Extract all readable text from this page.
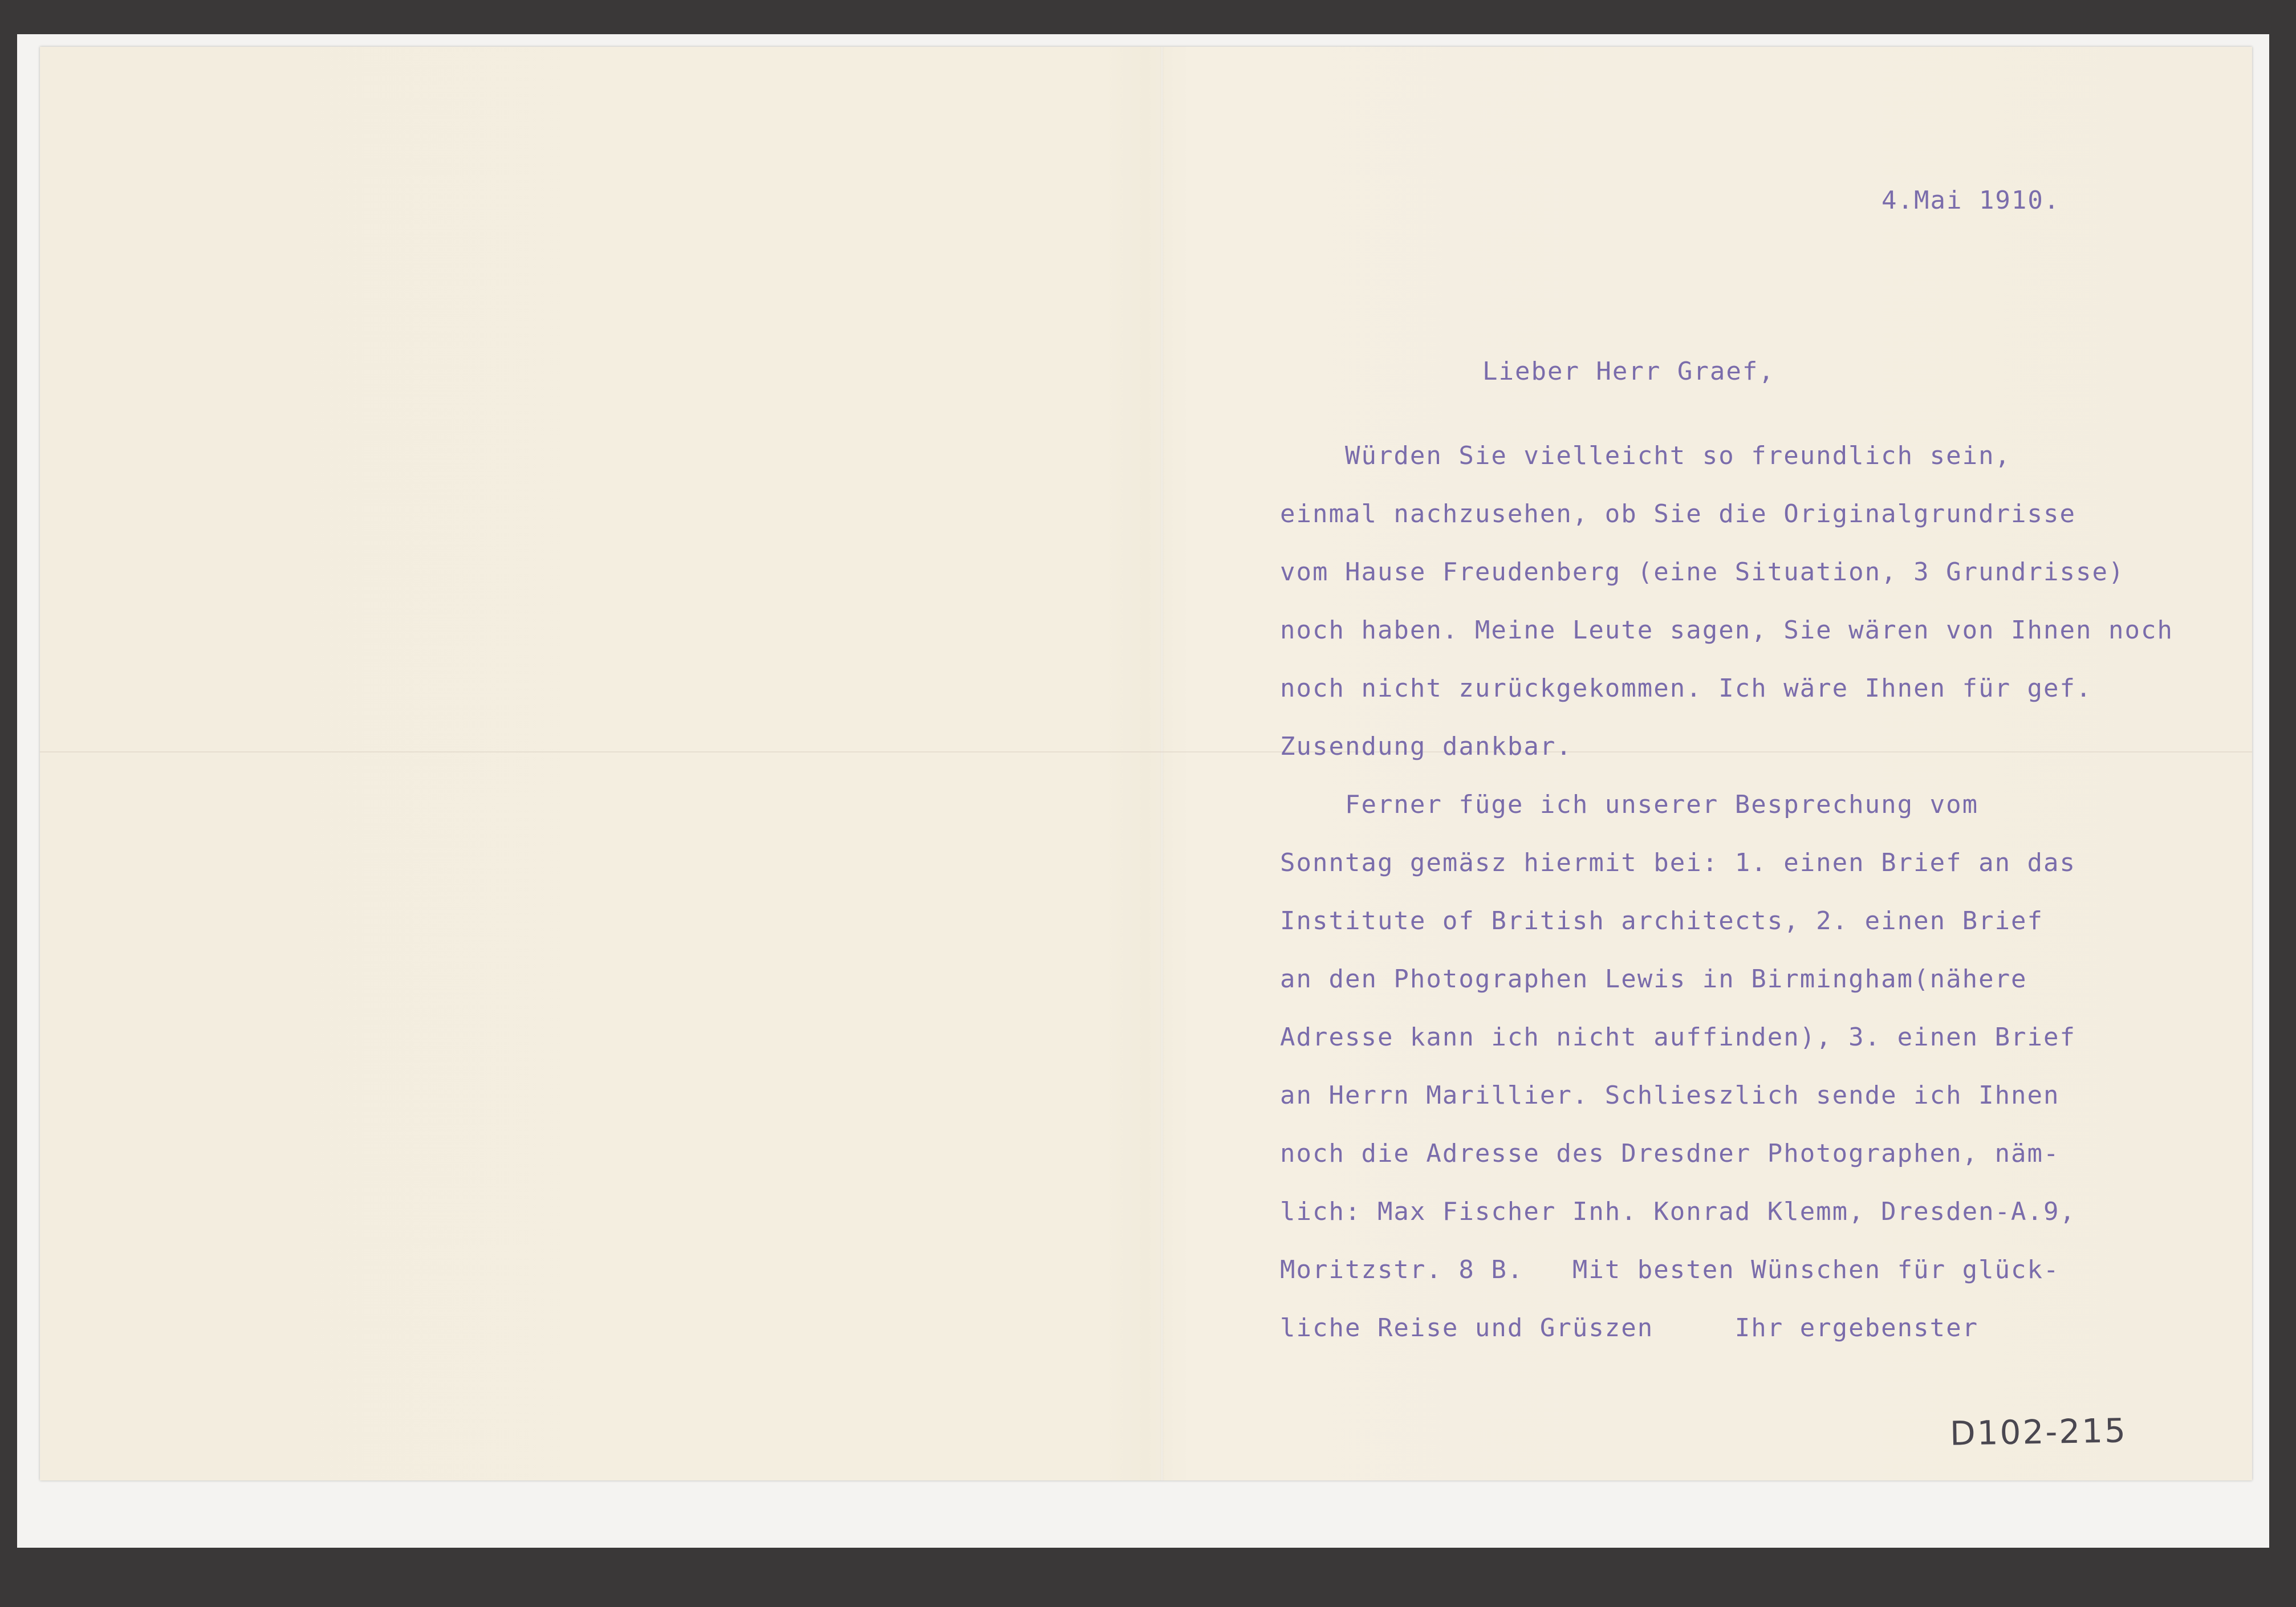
4.Mai 1910.
Lieber Herr Graef,
Würden Sie vielleicht so freundlich sein,
einmal nachzusehen, ob Sie die Originalgrundrisse
vom Hause Freudenberg (eine Situation, 3 Grundrisse)
noch haben. Meine Leute sagen, Sie wären von Ihnen noch
noch nicht zurückgekommen. Ich wäre Ihnen für gef.
Zusendung dankbar.
Ferner füge ich unserer Besprechung vom
Sonntag gemäsz hiermit bei: 1. einen Brief an das
Institute of British architects, 2. einen Brief
an den Photographen Lewis in Birmingham(nähere
Adresse kann ich nicht auffinden), 3. einen Brief
an Herrn Marillier. Schlieszlich sende ich Ihnen
noch die Adresse des Dresdner Photographen, näm-
lich: Max Fischer Inh. Konrad Klemm, Dresden-A.9,
Moritzstr. 8 B.   Mit besten Wünschen für glück-
liche Reise und Grüszen     Ihr ergebenster
D102-215
